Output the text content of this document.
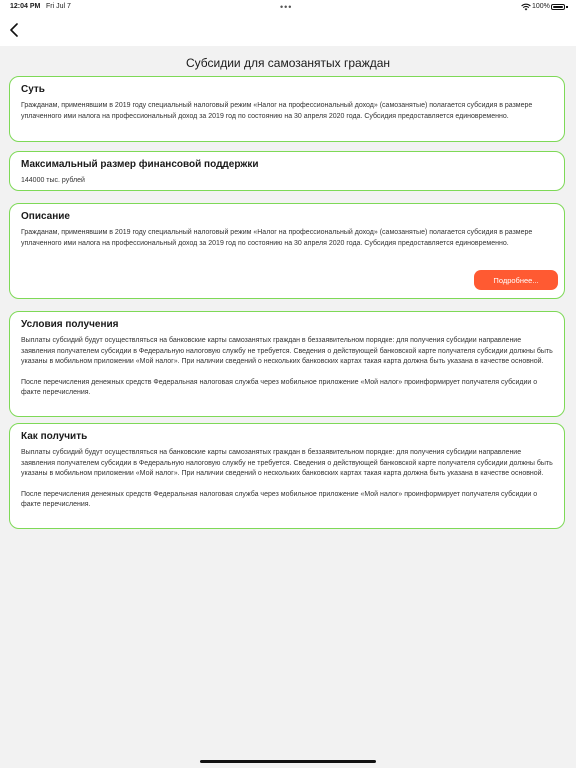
12:04 PM Fri Jul 7	•••	100%
Субсидии для самозанятых граждан
Суть

Гражданам, применявшим в 2019 году специальный налоговый режим «Налог на профессиональный доход» (самозанятые) полагается субсидия в размере уплаченного ими налога на профессиональный доход за 2019 год по состоянию на 30 апреля 2020 года. Субсидия предоставляется единовременно.

Максимальный размер финансовой поддержки

144000 тыс. рублей

Описание

Гражданам, применявшим в 2019 году специальный налоговый режим «Налог на профессиональный доход» (самозанятые) полагается субсидия в размере уплаченного ими налога на профессиональный доход за 2019 год по состоянию на 30 апреля 2020 года. Субсидия предоставляется единовременно.

Подробнее...
Условия получения

Выплаты субсидий будут осуществляться на банковские карты самозанятых граждан в беззаявительном порядке: для получения субсидии направление заявления получателем субсидии в Федеральную налоговую службу не требуется. Сведения о действующей банковской карте получателя субсидии должны быть указаны в мобильном приложении «Мой налог». При наличии сведений о нескольких банковских картах такая карта должна быть указана в качестве основной.

После перечисления денежных средств Федеральная налоговая служба через мобильное приложение «Мой налог» проинформирует получателя субсидии о факте перечисления.

Как получить

Выплаты субсидий будут осуществляться на банковские карты самозанятых граждан в беззаявительном порядке: для получения субсидии направление заявления получателем субсидии в Федеральную налоговую службу не требуется. Сведения о действующей банковской карте получателя субсидии должны быть указаны в мобильном приложении «Мой налог». При наличии сведений о нескольких банковских картах такая карта должна быть указана в качестве основной.

После перечисления денежных средств Федеральная налоговая служба через мобильное приложение «Мой налог» проинформирует получателя субсидии о факте перечисления.
